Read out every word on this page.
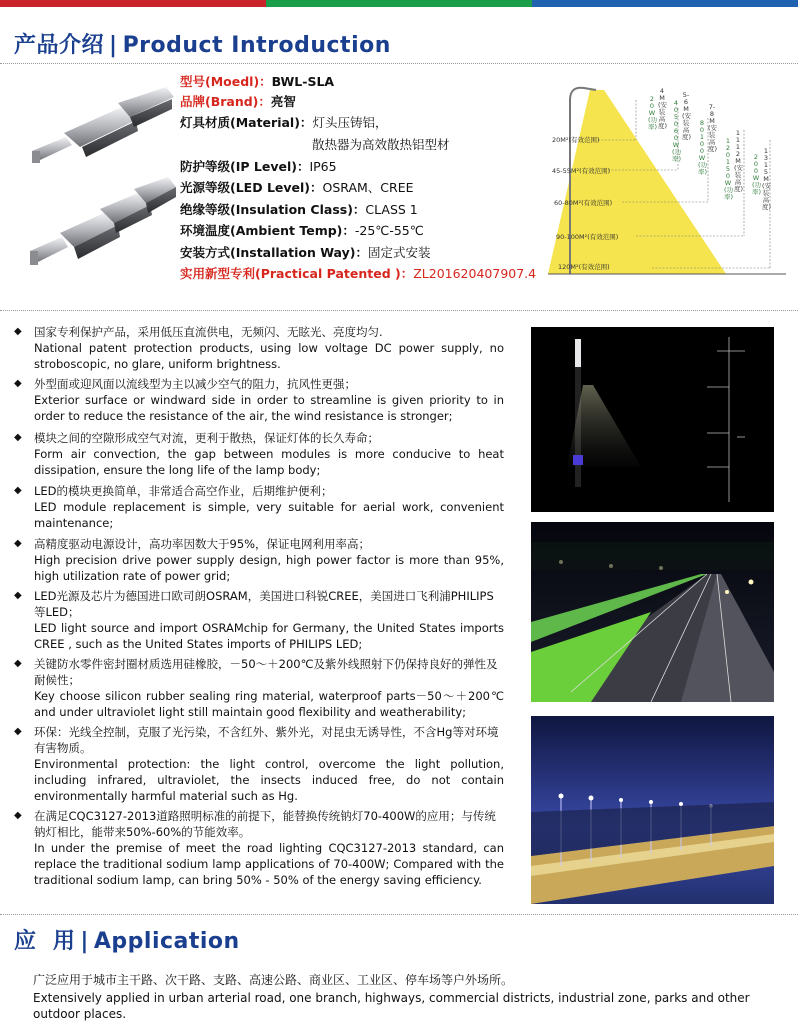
产品介绍 | Product Introduction
型号(Moedl)：BWL-SLA
品牌(Brand)：亮智
灯具材质(Material)：灯头压铸铝，
散热器为高效散热铝型材
防护等级(IP Level)：IP65
光源等级(LED Level)：OSRAM、CREE
绝缘等级(Insulation Class)：CLASS 1
环境温度(Ambient Temp)：-25℃-55℃
安装方式(Installation Way)：固定式安装
实用新型专利(Practical Patented )：ZL201620407907.4
20M²(有效范围)
45-55M²(有效范围)
60-80M²(有效范围)
90-100M²(有效范围)
120M²(有效范围)
20W(功率)
4M(安装高度)
40 50 60W(功率)
5-6M(安装高度)
80 100W(功率)
7-8M(安装高度)
120 150W(功率)
11 12M(安装高度)
200W(功率)
13 15M(安装高度)
◆	国家专利保护产品，采用低压直流供电，无频闪、无眩光、亮度均匀.
National patent protection products, using low voltage DC power supply, no stroboscopic, no glare, uniform brightness.
◆	外型面或迎风面以流线型为主以减少空气的阻力，抗风性更强；
Exterior surface or windward side in order to streamline is given priority to in order to reduce the resistance of the air, the wind resistance is stronger;
◆	模块之间的空隙形成空气对流，更利于散热，保证灯体的长久寿命；
Form air convection, the gap between modules is more conducive to heat dissipation, ensure the long life of the lamp body;
◆	LED的模块更换简单，非常适合高空作业，后期维护便利；
LED module replacement is simple, very suitable for aerial work, convenient maintenance;
◆	高精度驱动电源设计，高功率因数大于95%，保证电网利用率高；
High precision drive power supply design, high power factor is more than 95%, high utilization rate of power grid;
◆	LED光源及芯片为德国进口欧司朗OSRAM，美国进口科锐CREE，美国进口飞利浦PHILIPS 等LED；
LED light source and import OSRAMchip for Germany, the United States imports CREE , such as the United States imports of PHILIPS LED;
◆	关键防水零件密封圈材质选用硅橡胶，－50～＋200℃及紫外线照射下仍保持良好的弹性及耐候性；
Key choose silicon rubber sealing ring material, waterproof parts－50～＋200℃ and under ultraviolet light still maintain good flexibility and weatherability;
◆	环保：光线全控制，克服了光污染，不含红外、紫外光，对昆虫无诱导性，不含Hg等对环境有害物质。
Environmental protection: the light control, overcome the light pollution, including infrared, ultraviolet, the insects induced free, do not contain environmentally harmful material such as Hg.
◆	在满足CQC3127-2013道路照明标准的前提下，能替换传统钠灯70-400W的应用；与传统钠灯相比，能带来50%-60%的节能效率。
In under the premise of meet the road lighting CQC3127-2013 standard, can replace the traditional sodium lamp applications of 70-400W; Compared with the traditional sodium lamp, can bring 50% - 50% of the energy saving efficiency.
应  用 | Application
广泛应用于城市主干路、次干路、支路、高速公路、商业区、工业区、停车场等户外场所。
Extensively applied in urban arterial road, one branch, highways, commercial districts, industrial zone, parks and other outdoor places.
